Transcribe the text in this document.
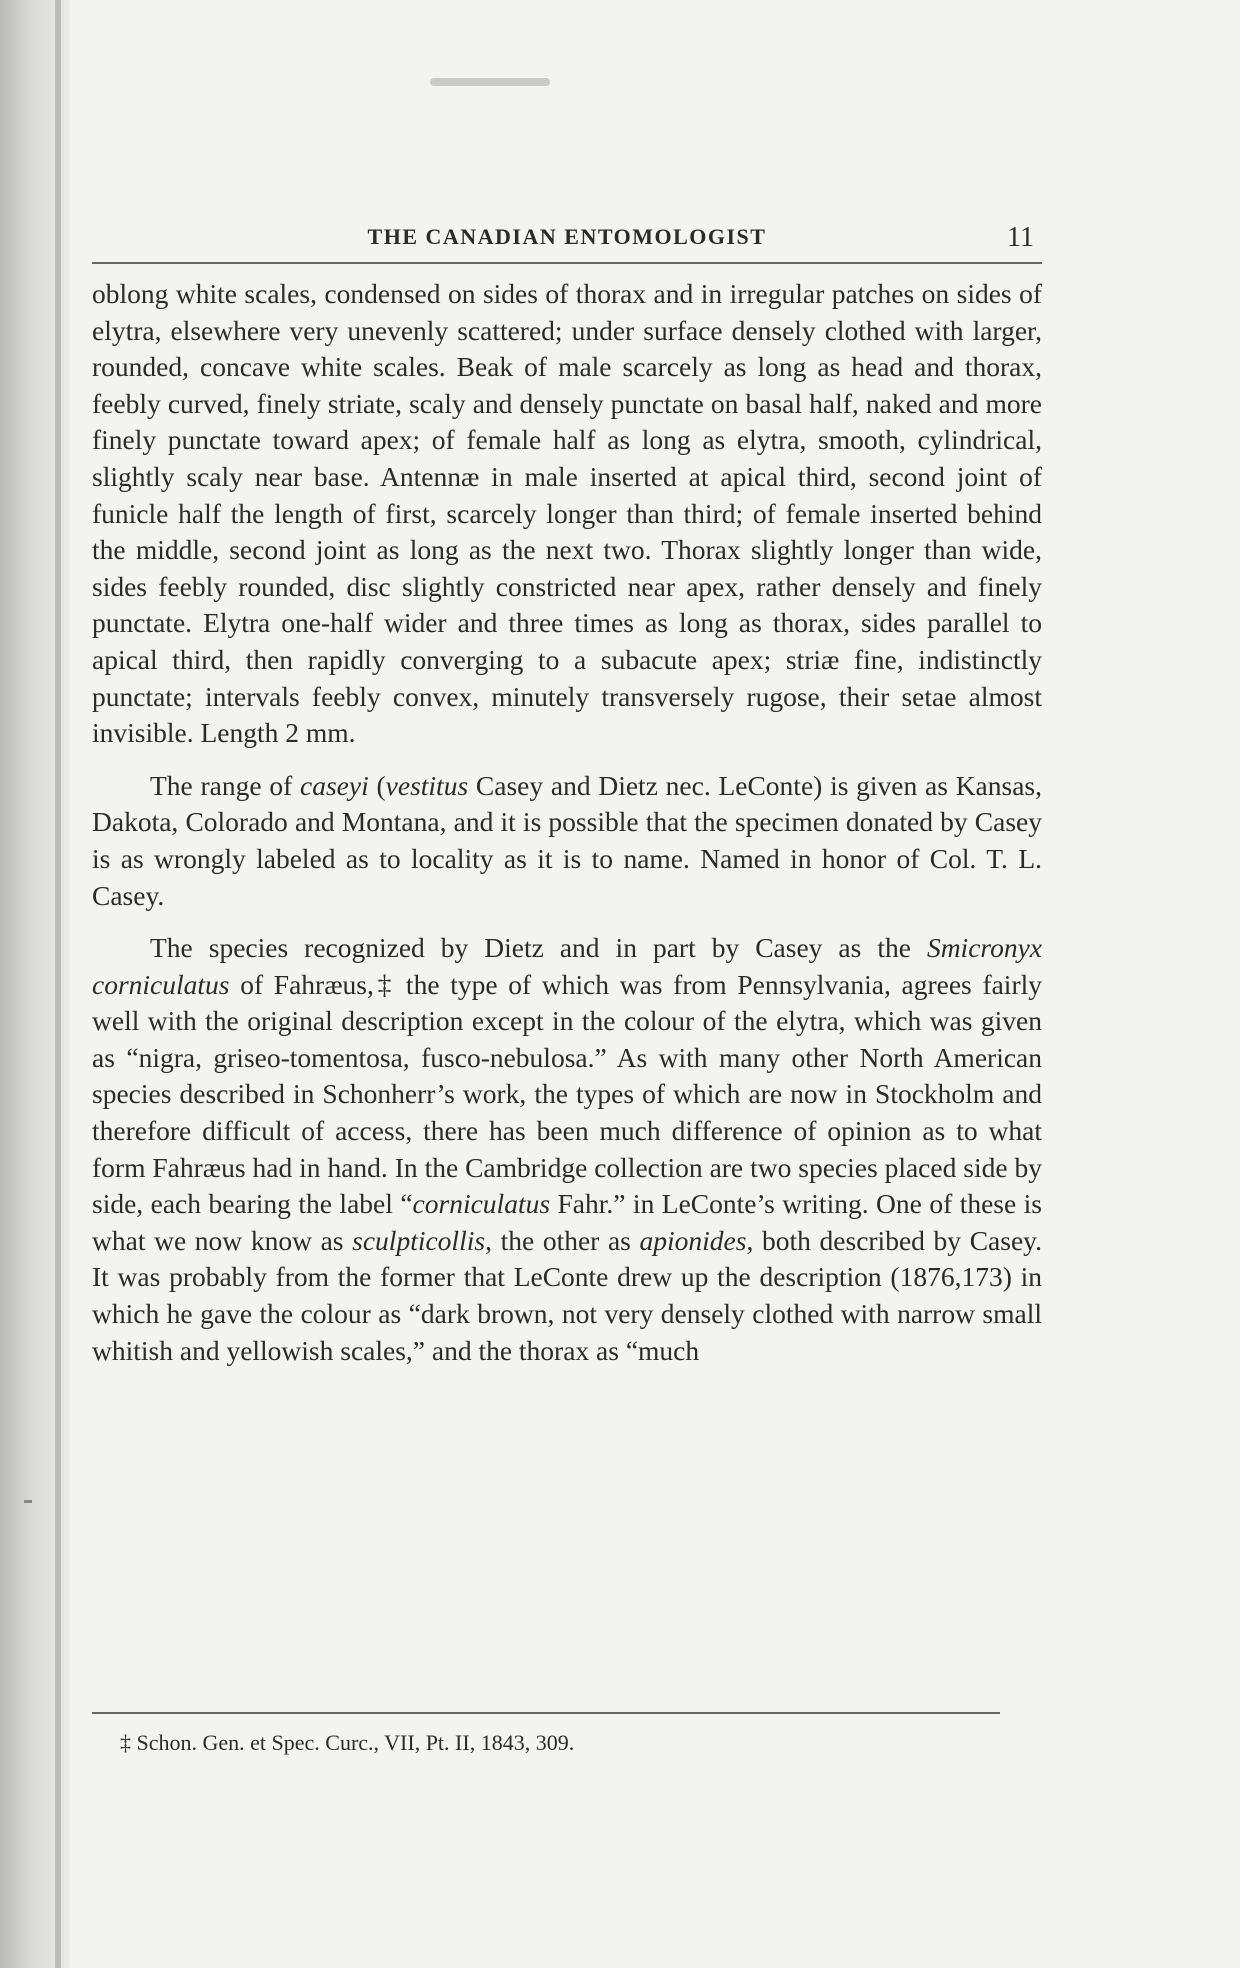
THE CANADIAN ENTOMOLOGIST	11

oblong white scales, condensed on sides of thorax and in irregular patches on sides of elytra, elsewhere very unevenly scattered; under surface densely clothed with larger, rounded, concave white scales. Beak of male scarcely as long as head and thorax, feebly curved, finely striate, scaly and densely punctate on basal half, naked and more finely punctate toward apex; of female half as long as elytra, smooth, cylindrical, slightly scaly near base. Antennæ in male inserted at apical third, second joint of funicle half the length of first, scarcely longer than third; of female inserted behind the middle, second joint as long as the next two. Thorax slightly longer than wide, sides feebly rounded, disc slightly constricted near apex, rather densely and finely punctate. Elytra one-half wider and three times as long as thorax, sides parallel to apical third, then rapidly converging to a subacute apex; striæ fine, indistinctly punctate; intervals feebly convex, minutely transversely rugose, their setae almost invisible. Length 2 mm.

The range of caseyi (vestitus Casey and Dietz nec. LeConte) is given as Kansas, Dakota, Colorado and Montana, and it is possible that the specimen donated by Casey is as wrongly labeled as to locality as it is to name. Named in honor of Col. T. L. Casey.

The species recognized by Dietz and in part by Casey as the Smicronyx corniculatus of Fahræus,‡ the type of which was from Pennsylvania, agrees fairly well with the original description except in the colour of the elytra, which was given as “nigra, griseo-tomentosa, fusco-nebulosa.” As with many other North American species described in Schonherr’s work, the types of which are now in Stockholm and therefore difficult of access, there has been much difference of opinion as to what form Fahræus had in hand. In the Cambridge collection are two species placed side by side, each bearing the label “corniculatus Fahr.” in LeConte’s writing. One of these is what we now know as sculpticollis, the other as apionides, both described by Casey. It was probably from the former that LeConte drew up the description (1876,173) in which he gave the colour as “dark brown, not very densely clothed with narrow small whitish and yellowish scales,” and the thorax as “much

‡ Schon. Gen. et Spec. Curc., VII, Pt. II, 1843, 309.
